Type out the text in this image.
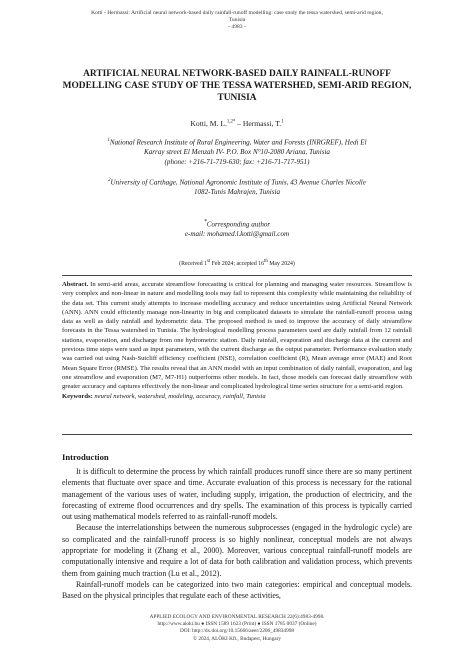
Kotti - Hermassi: Artificial neural network-based daily rainfall-runoff modelling: case study the tessa watershed, semi-arid region,
Tunisia
- 4983 -
ARTIFICIAL NEURAL NETWORK-BASED DAILY RAINFALL-RUNOFF MODELLING CASE STUDY OF THE TESSA WATERSHED, SEMI-ARID REGION, TUNISIA
Kotti, M. L.$^{1,2*}$ – Hermassi, T.$^1$
$^1$National Research Institute of Rural Engineering, Water and Forests (INRGREF), Hedi El
Karray street El Menzah IV- P.O. Box N°10-2080 Ariana, Tunisia
(phone: +216-71-719-630; fax: +216-71-717-951)
$^2$University of Carthage, National Agronomic Institute of Tunis, 43 Avenue Charles Nicolle
1082-Tunis Mahrajen, Tunisia
*Corresponding author
e-mail: mohamed.l.kotti@gmail.com
(Received 1st Feb 2024; accepted 16th May 2024)
Abstract. In semi-arid areas, accurate streamflow forecasting is critical for planning and managing water resources. Streamflow is very complex and non-linear in nature and modelling tools may fail to represent this complexity while maintaining the reliability of the data set. This current study attempts to increase modelling accuracy and reduce uncertainties using Artificial Neural Network (ANN). ANN could efficiently manage non-linearity in big and complicated datasets to simulate the rainfall-runoff process using data as well as daily rainfall and hydrometric data. The proposed method is used to improve the accuracy of daily streamflow forecasts in the Tessa watershed in Tunisia. The hydrological modelling process parameters used are daily rainfall from 12 rainfall stations, evaporation, and discharge from one hydrometric station. Daily rainfall, evaporation and discharge data at the current and previous time steps were used as input parameters, with the current discharge as the output parameter. Performance evaluation study was carried out using Nash-Sutcliff efficiency coefficient (NSE), correlation coefficient (R), Mean average error (MAE) and Root Mean Square Error (RMSE). The results reveal that an ANN model with an input combination of daily rainfall, evaporation, and lag one streamflow and evaporation (M7, M7-H1) outperforms other models. In fact, those models can forecast daily streamflow with greater accuracy and captures effectively the non-linear and complicated hydrological time series structure for a semi-arid region.
Keywords: neural network, watershed, modeling, accuracy, rainfall, Tunisia
Introduction

It is difficult to determine the process by which rainfall produces runoff since there are so many pertinent elements that fluctuate over space and time. Accurate evaluation of this process is necessary for the rational management of the various uses of water, including supply, irrigation, the production of electricity, and the forecasting of extreme flood occurrences and dry spells. The examination of this process is typically carried out using mathematical models referred to as rainfall-runoff models.

Because the interrelationships between the numerous subprocesses (engaged in the hydrologic cycle) are so complicated and the rainfall-runoff process is so highly nonlinear, conceptual models are not always appropriate for modeling it (Zhang et al., 2000). Moreover, various conceptual rainfall-runoff models are computationally intensive and require a lot of data for both calibration and validation process, which prevents them from gaining much traction (Lu et al., 2012).

Rainfall-runoff models can be categorized into two main categories: empirical and conceptual models. Based on the physical principles that regulate each of these activities,

APPLIED ECOLOGY AND ENVIRONMENTAL RESEARCH 22(6):4983-4998.
http://www.aloki.hu ● ISSN 1589 1623 (Print) ● ISSN 1785 0037 (Online)
DOI: http://dx.doi.org/10.15666/aeer/2206_49834998
© 2024, ALÖKI Kft., Budapest, Hungary
